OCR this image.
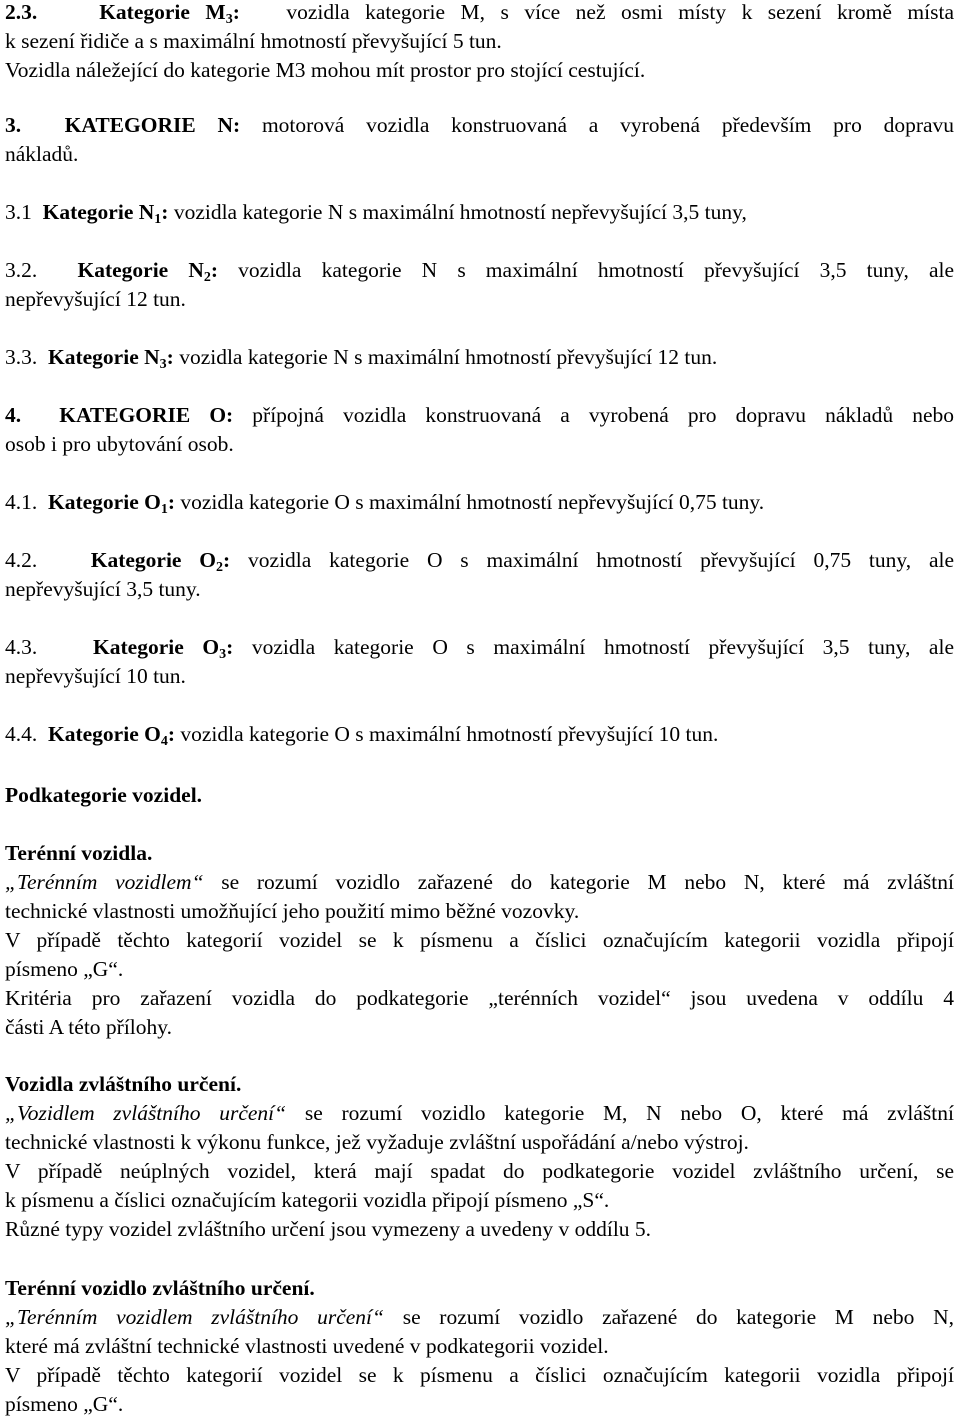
2.3.	Kategorie $M_3$: vozidla kategorie M, s více než osmi místy k sezení kromě místa
k sezení řidiče a s maximální hmotností převyšující 5 tun.
Vozidla náležející do kategorie M3 mohou mít prostor pro stojící cestující.
3. KATEGORIE N: motorová vozidla konstruovaná a vyrobená především pro dopravu
nákladů.
3.1 Kategorie $N_1$: vozidla kategorie N s maximální hmotností nepřevyšující 3,5 tuny,
3.2. Kategorie $N_2$: vozidla kategorie N s maximální hmotností převyšující 3,5 tuny, ale
nepřevyšující 12 tun.
3.3. Kategorie $N_3$: vozidla kategorie N s maximální hmotností převyšující 12 tun.
4. KATEGORIE O: přípojná vozidla konstruovaná a vyrobená pro dopravu nákladů nebo
osob i pro ubytování osob.
4.1. Kategorie $O_1$: vozidla kategorie O s maximální hmotností nepřevyšující 0,75 tuny.
4.2. Kategorie $O_2$: vozidla kategorie O s maximální hmotností převyšující 0,75 tuny, ale
nepřevyšující 3,5 tuny.
4.3.	Kategorie $O_3$: vozidla kategorie O s maximální hmotností převyšující 3,5 tuny, ale
nepřevyšující 10 tun.
4.4. Kategorie $O_4$: vozidla kategorie O s maximální hmotností převyšující 10 tun.
Podkategorie vozidel.
Terénní vozidla.
„Terénním vozidlem“ se rozumí vozidlo zařazené do kategorie M nebo N, které má zvláštní
technické vlastnosti umožňující jeho použití mimo běžné vozovky.
V případě těchto kategorií vozidel se k písmenu a číslici označujícím kategorii vozidla připojí
písmeno „G“.
Kritéria pro zařazení vozidla do podkategorie „terénních vozidel“ jsou uvedena v oddílu 4
části A této přílohy.
Vozidla zvláštního určení.
„Vozidlem zvláštního určení“ se rozumí vozidlo kategorie M, N nebo O, které má zvláštní
technické vlastnosti k výkonu funkce, jež vyžaduje zvláštní uspořádání a/nebo výstroj.
V případě neúplných vozidel, která mají spadat do podkategorie vozidel zvláštního určení, se
k písmenu a číslici označujícím kategorii vozidla připojí písmeno „S“.
Různé typy vozidel zvláštního určení jsou vymezeny a uvedeny v oddílu 5.
Terénní vozidlo zvláštního určení.
„Terénním vozidlem zvláštního určení“ se rozumí vozidlo zařazené do kategorie M nebo N,
které má zvláštní technické vlastnosti uvedené v podkategorii vozidel.
V případě těchto kategorií vozidel se k písmenu a číslici označujícím kategorii vozidla připojí
písmeno „G“.
